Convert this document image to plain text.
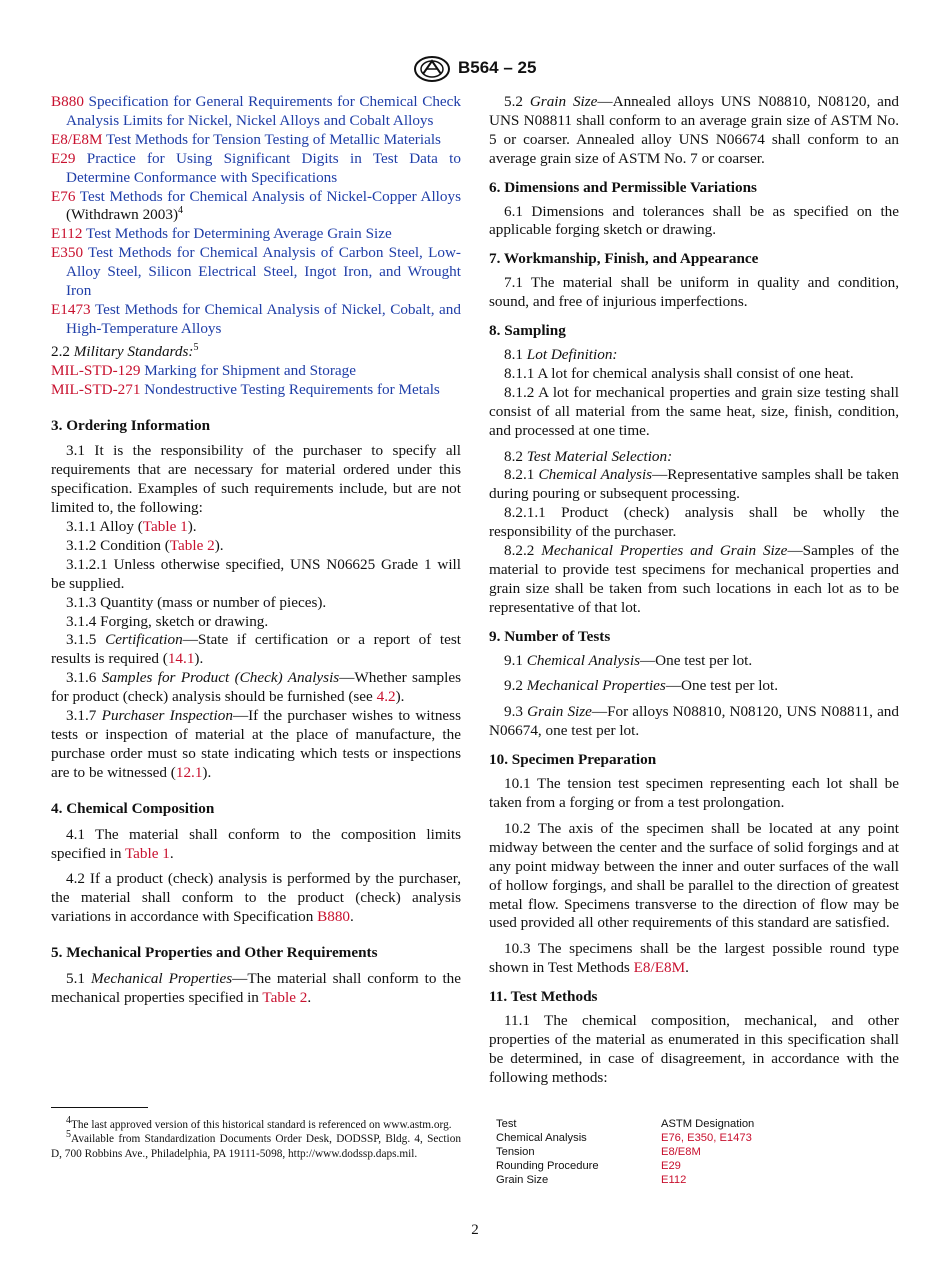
B564 – 25
B880 Specification for General Requirements for Chemical Check Analysis Limits for Nickel, Nickel Alloys and Cobalt Alloys
E8/E8M Test Methods for Tension Testing of Metallic Materials
E29 Practice for Using Significant Digits in Test Data to Determine Conformance with Specifications
E76 Test Methods for Chemical Analysis of Nickel-Copper Alloys (Withdrawn 2003)$^4$
E112 Test Methods for Determining Average Grain Size
E350 Test Methods for Chemical Analysis of Carbon Steel, Low-Alloy Steel, Silicon Electrical Steel, Ingot Iron, and Wrought Iron
E1473 Test Methods for Chemical Analysis of Nickel, Cobalt, and High-Temperature Alloys
2.2 Military Standards:$^5$
MIL-STD-129 Marking for Shipment and Storage
MIL-STD-271 Nondestructive Testing Requirements for Metals
3. Ordering Information

3.1 It is the responsibility of the purchaser to specify all requirements that are necessary for material ordered under this specification. Examples of such requirements include, but are not limited to, the following:

3.1.1 Alloy (Table 1).

3.1.2 Condition (Table 2).

3.1.2.1 Unless otherwise specified, UNS N06625 Grade 1 will be supplied.

3.1.3 Quantity (mass or number of pieces).

3.1.4 Forging, sketch or drawing.

3.1.5 Certification—State if certification or a report of test results is required (14.1).

3.1.6 Samples for Product (Check) Analysis—Whether samples for product (check) analysis should be furnished (see 4.2).

3.1.7 Purchaser Inspection—If the purchaser wishes to witness tests or inspection of material at the place of manufacture, the purchase order must so state indicating which tests or inspections are to be witnessed (12.1).

4. Chemical Composition

4.1 The material shall conform to the composition limits specified in Table 1.

4.2 If a product (check) analysis is performed by the purchaser, the material shall conform to the product (check) analysis variations in accordance with Specification B880.

5. Mechanical Properties and Other Requirements

5.1 Mechanical Properties—The material shall conform to the mechanical properties specified in Table 2.

4The last approved version of this historical standard is referenced on www.astm.org.

5Available from Standardization Documents Order Desk, DODSSP, Bldg. 4, Section D, 700 Robbins Ave., Philadelphia, PA 19111-5098, http://www.dodssp.daps.mil.

5.2 Grain Size—Annealed alloys UNS N08810, N08120, and UNS N08811 shall conform to an average grain size of ASTM No. 5 or coarser. Annealed alloy UNS N06674 shall conform to an average grain size of ASTM No. 7 or coarser.

6. Dimensions and Permissible Variations

6.1 Dimensions and tolerances shall be as specified on the applicable forging sketch or drawing.

7. Workmanship, Finish, and Appearance

7.1 The material shall be uniform in quality and condition, sound, and free of injurious imperfections.

8. Sampling

8.1 Lot Definition:

8.1.1 A lot for chemical analysis shall consist of one heat.

8.1.2 A lot for mechanical properties and grain size testing shall consist of all material from the same heat, size, finish, condition, and processed at one time.

8.2 Test Material Selection:

8.2.1 Chemical Analysis—Representative samples shall be taken during pouring or subsequent processing.

8.2.1.1 Product (check) analysis shall be wholly the responsibility of the purchaser.

8.2.2 Mechanical Properties and Grain Size—Samples of the material to provide test specimens for mechanical properties and grain size shall be taken from such locations in each lot as to be representative of that lot.

9. Number of Tests

9.1 Chemical Analysis—One test per lot.

9.2 Mechanical Properties—One test per lot.

9.3 Grain Size—For alloys N08810, N08120, UNS N08811, and N06674, one test per lot.

10. Specimen Preparation

10.1 The tension test specimen representing each lot shall be taken from a forging or from a test prolongation.

10.2 The axis of the specimen shall be located at any point midway between the center and the surface of solid forgings and at any point midway between the inner and outer surfaces of the wall of hollow forgings, and shall be parallel to the direction of greatest metal flow. Specimens transverse to the direction of flow may be used provided all other requirements of this standard are satisfied.

10.3 The specimens shall be the largest possible round type shown in Test Methods E8/E8M.

11. Test Methods

11.1 The chemical composition, mechanical, and other properties of the material as enumerated in this specification shall be determined, in case of disagreement, in accordance with the following methods:

Test	ASTM Designation
Chemical Analysis	E76, E350, E1473
Tension	E8/E8M
Rounding Procedure	E29
Grain Size	E112
2
